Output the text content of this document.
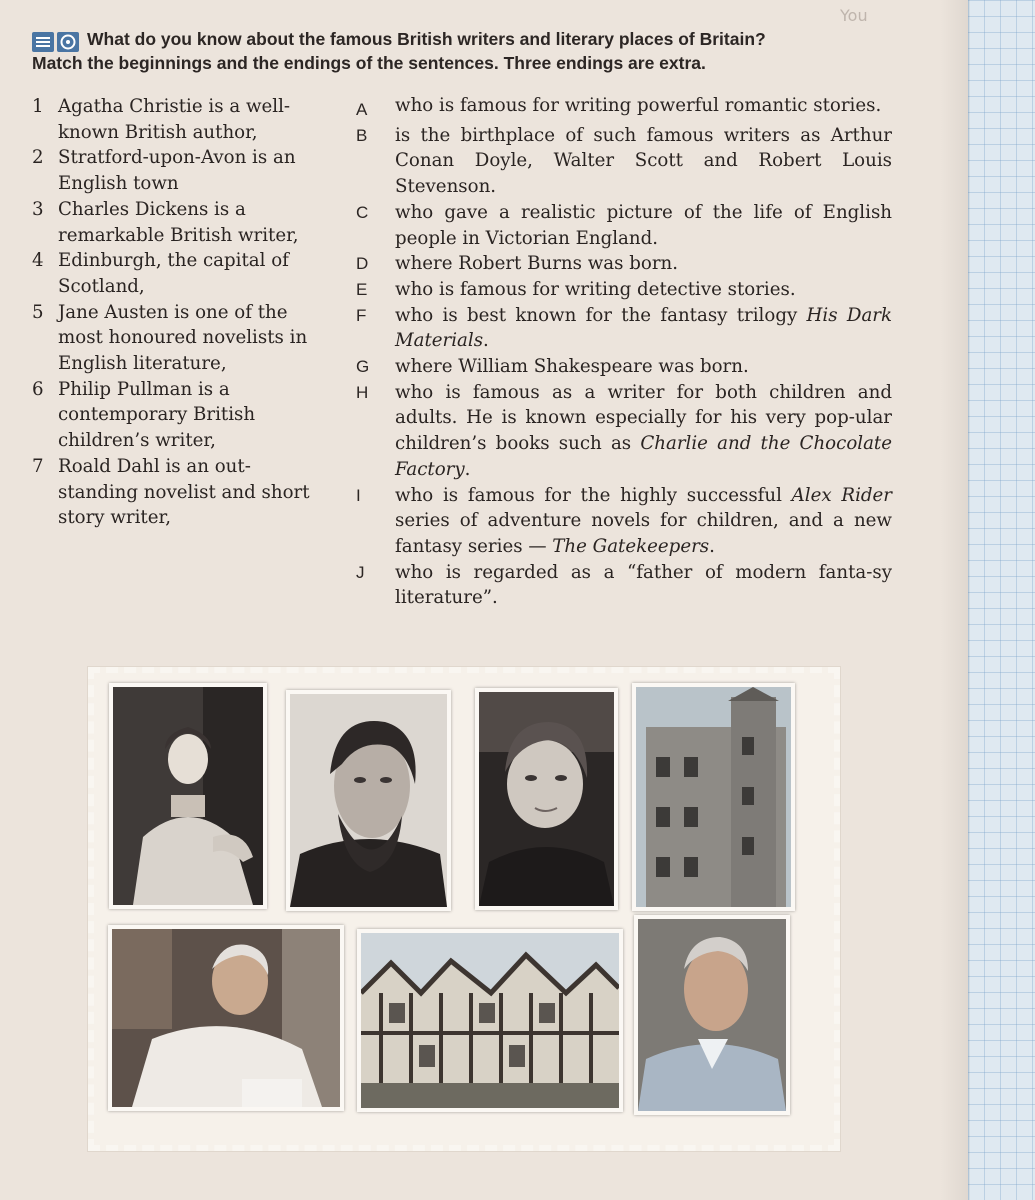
You
What do you know about the famous British writers and literary places of Britain?
Match the beginnings and the endings of the sentences. Three endings are extra.
1 Agatha Christie is a well-known British author,
2 Stratford-upon-Avon is an English town
3 Charles Dickens is a remarkable British writer,
4 Edinburgh, the capital of Scotland,
5 Jane Austen is one of the most honoured novelists in English literature,
6 Philip Pullman is a contemporary British children’s writer,
7 Roald Dahl is an out-standing novelist and short story writer,
A	who is famous for writing powerful romantic stories.
B	is the birthplace of such famous writers as Arthur Conan Doyle, Walter Scott and Robert Louis Stevenson.
C	who gave a realistic picture of the life of English people in Victorian England.
D	where Robert Burns was born.
E	who is famous for writing detective stories.
F	who is best known for the fantasy trilogy His Dark Materials.
G	where William Shakespeare was born.
H	who is famous as a writer for both children and adults. He is known especially for his very pop-ular children’s books such as Charlie and the Chocolate Factory.
I	who is famous for the highly successful Alex Rider series of adventure novels for children, and a new fantasy series — The Gatekeepers.
J	who is regarded as a “father of modern fanta-sy literature”.
